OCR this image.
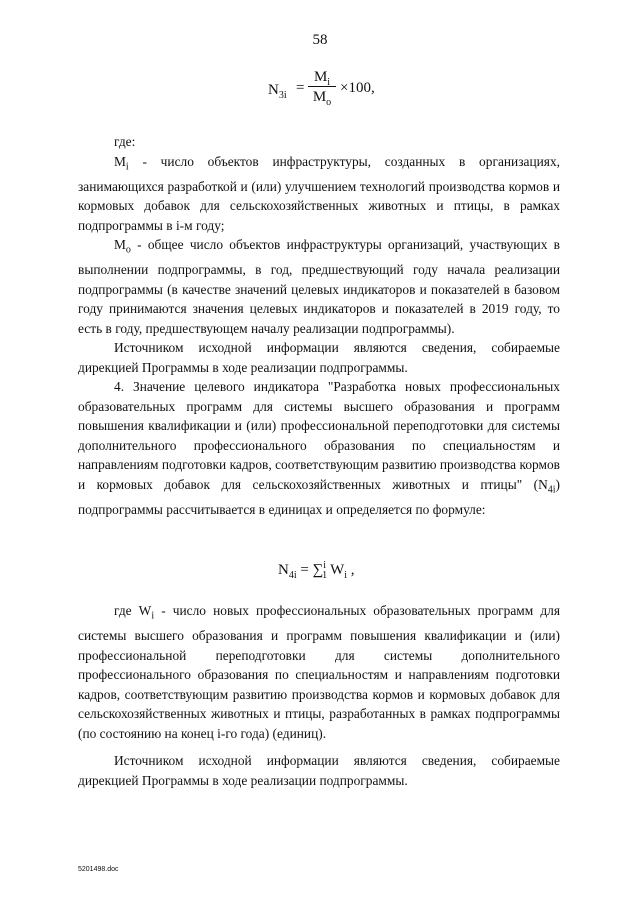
58
$N_{3i}$ =
$M_i$
$M_o$
×100,

где:

$M_i$ - число объектов инфраструктуры, созданных в организациях, занимающихся разработкой и (или) улучшением технологий производства кормов и кормовых добавок для сельскохозяйственных животных и птицы, в рамках подпрограммы в i-м году;

$M_о$ - общее число объектов инфраструктуры организаций, участвующих в выполнении подпрограммы, в год, предшествующий году начала реализации подпрограммы (в качестве значений целевых индикаторов и показателей в базовом году принимаются значения целевых индикаторов и показателей в 2019 году, то есть в году, предшествующем началу реализации подпрограммы).

Источником исходной информации являются сведения, собираемые дирекцией Программы в ходе реализации подпрограммы.

4. Значение целевого индикатора "Разработка новых профессиональных образовательных программ для системы высшего образования и программ повышения квалификации и (или) профессиональной переподготовки для системы дополнительного профессионального образования по специальностям и направлениям подготовки кадров, соответствующим развитию производства кормов и кормовых добавок для сельскохозяйственных животных и птицы" $(N_{4i})$ подпрограммы рассчитывается в единицах и определяется по формуле:

$N_{4i} = \sum^i_1$ $W_i$ ,

где $W_i$ - число новых профессиональных образовательных программ для системы высшего образования и программ повышения квалификации и (или) профессиональной переподготовки для системы дополнительного профессионального образования по специальностям и направлениям подготовки кадров, соответствующим развитию производства кормов и кормовых добавок для сельскохозяйственных животных и птицы, разработанных в рамках подпрограммы (по состоянию на конец i-го года) (единиц).

Источником исходной информации являются сведения, собираемые дирекцией Программы в ходе реализации подпрограммы.

5201498.doc
